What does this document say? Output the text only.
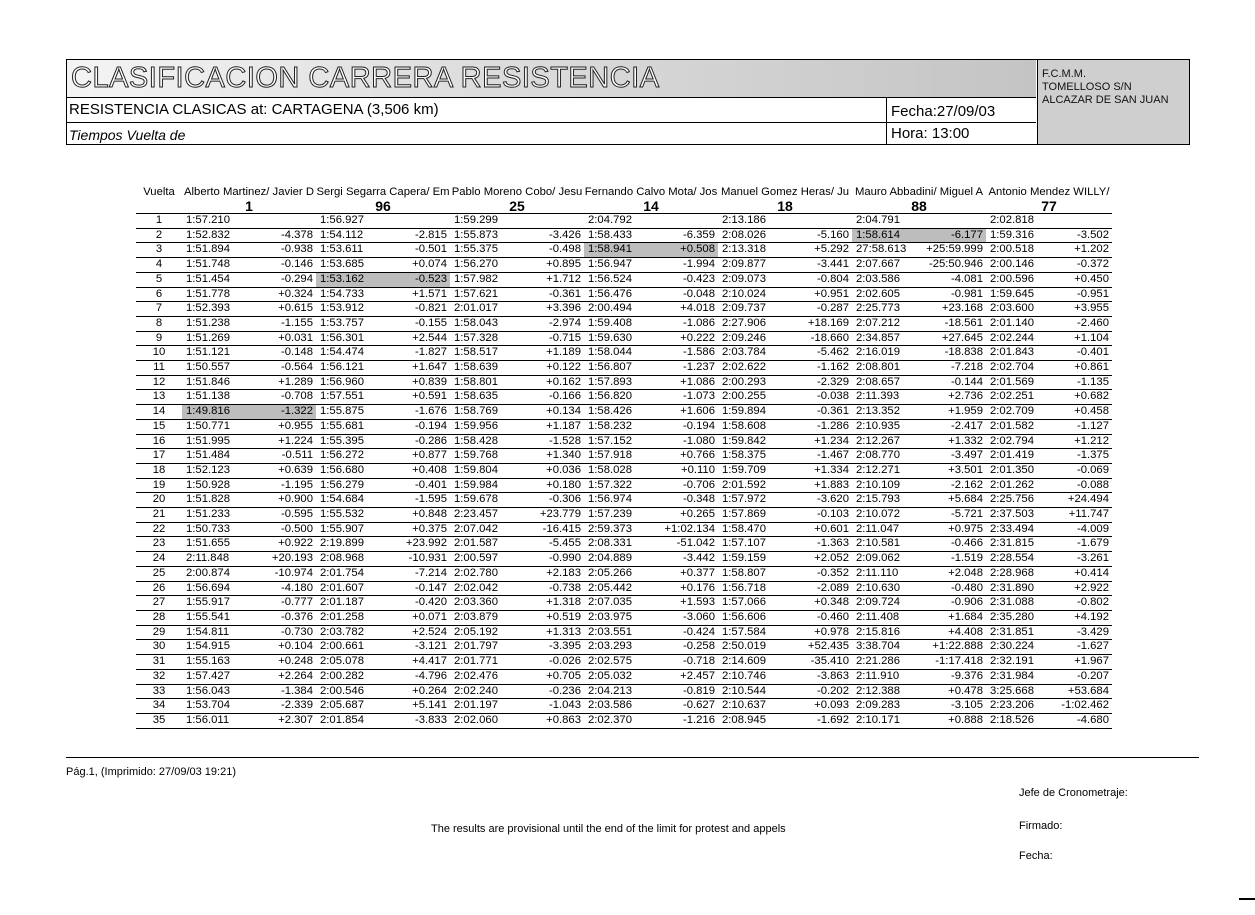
CLASIFICACION CARRERA RESISTENCIA	F.C.M.M.
TOMELLOSO S/N
ALCAZAR DE SAN JUAN
RESISTENCIA CLASICAS at: CARTAGENA (3,506 km)	Fecha:27/09/03
Hora: 13:00
Tiempos Vuelta de
Vuelta	Alberto Martinez/ Javier D		Sergi Segarra Capera/ Em		Pablo Moreno Cobo/ Jesu		Fernando Calvo Mota/ Jos		Manuel Gomez Heras/ Ju		Mauro Abbadini/ Miguel A		Antonio Mendez WILLY/	
	1		96		25		14		18		88		77	
1	1:57.210		1:56.927		1:59.299		2:04.792		2:13.186		2:04.791		2:02.818	
2	1:52.832	-4.378	1:54.112	-2.815	1:55.873	-3.426	1:58.433	-6.359	2:08.026	-5.160	1:58.614	-6.177	1:59.316	-3.502
3	1:51.894	-0.938	1:53.611	-0.501	1:55.375	-0.498	1:58.941	+0.508	2:13.318	+5.292	27:58.613	+25:59.999	2:00.518	+1.202
4	1:51.748	-0.146	1:53.685	+0.074	1:56.270	+0.895	1:56.947	-1.994	2:09.877	-3.441	2:07.667	-25:50.946	2:00.146	-0.372
5	1:51.454	-0.294	1:53.162	-0.523	1:57.982	+1.712	1:56.524	-0.423	2:09.073	-0.804	2:03.586	-4.081	2:00.596	+0.450
6	1:51.778	+0.324	1:54.733	+1.571	1:57.621	-0.361	1:56.476	-0.048	2:10.024	+0.951	2:02.605	-0.981	1:59.645	-0.951
7	1:52.393	+0.615	1:53.912	-0.821	2:01.017	+3.396	2:00.494	+4.018	2:09.737	-0.287	2:25.773	+23.168	2:03.600	+3.955
8	1:51.238	-1.155	1:53.757	-0.155	1:58.043	-2.974	1:59.408	-1.086	2:27.906	+18.169	2:07.212	-18.561	2:01.140	-2.460
9	1:51.269	+0.031	1:56.301	+2.544	1:57.328	-0.715	1:59.630	+0.222	2:09.246	-18.660	2:34.857	+27.645	2:02.244	+1.104
10	1:51.121	-0.148	1:54.474	-1.827	1:58.517	+1.189	1:58.044	-1.586	2:03.784	-5.462	2:16.019	-18.838	2:01.843	-0.401
11	1:50.557	-0.564	1:56.121	+1.647	1:58.639	+0.122	1:56.807	-1.237	2:02.622	-1.162	2:08.801	-7.218	2:02.704	+0.861
12	1:51.846	+1.289	1:56.960	+0.839	1:58.801	+0.162	1:57.893	+1.086	2:00.293	-2.329	2:08.657	-0.144	2:01.569	-1.135
13	1:51.138	-0.708	1:57.551	+0.591	1:58.635	-0.166	1:56.820	-1.073	2:00.255	-0.038	2:11.393	+2.736	2:02.251	+0.682
14	1:49.816	-1.322	1:55.875	-1.676	1:58.769	+0.134	1:58.426	+1.606	1:59.894	-0.361	2:13.352	+1.959	2:02.709	+0.458
15	1:50.771	+0.955	1:55.681	-0.194	1:59.956	+1.187	1:58.232	-0.194	1:58.608	-1.286	2:10.935	-2.417	2:01.582	-1.127
16	1:51.995	+1.224	1:55.395	-0.286	1:58.428	-1.528	1:57.152	-1.080	1:59.842	+1.234	2:12.267	+1.332	2:02.794	+1.212
17	1:51.484	-0.511	1:56.272	+0.877	1:59.768	+1.340	1:57.918	+0.766	1:58.375	-1.467	2:08.770	-3.497	2:01.419	-1.375
18	1:52.123	+0.639	1:56.680	+0.408	1:59.804	+0.036	1:58.028	+0.110	1:59.709	+1.334	2:12.271	+3.501	2:01.350	-0.069
19	1:50.928	-1.195	1:56.279	-0.401	1:59.984	+0.180	1:57.322	-0.706	2:01.592	+1.883	2:10.109	-2.162	2:01.262	-0.088
20	1:51.828	+0.900	1:54.684	-1.595	1:59.678	-0.306	1:56.974	-0.348	1:57.972	-3.620	2:15.793	+5.684	2:25.756	+24.494
21	1:51.233	-0.595	1:55.532	+0.848	2:23.457	+23.779	1:57.239	+0.265	1:57.869	-0.103	2:10.072	-5.721	2:37.503	+11.747
22	1:50.733	-0.500	1:55.907	+0.375	2:07.042	-16.415	2:59.373	+1:02.134	1:58.470	+0.601	2:11.047	+0.975	2:33.494	-4.009
23	1:51.655	+0.922	2:19.899	+23.992	2:01.587	-5.455	2:08.331	-51.042	1:57.107	-1.363	2:10.581	-0.466	2:31.815	-1.679
24	2:11.848	+20.193	2:08.968	-10.931	2:00.597	-0.990	2:04.889	-3.442	1:59.159	+2.052	2:09.062	-1.519	2:28.554	-3.261
25	2:00.874	-10.974	2:01.754	-7.214	2:02.780	+2.183	2:05.266	+0.377	1:58.807	-0.352	2:11.110	+2.048	2:28.968	+0.414
26	1:56.694	-4.180	2:01.607	-0.147	2:02.042	-0.738	2:05.442	+0.176	1:56.718	-2.089	2:10.630	-0.480	2:31.890	+2.922
27	1:55.917	-0.777	2:01.187	-0.420	2:03.360	+1.318	2:07.035	+1.593	1:57.066	+0.348	2:09.724	-0.906	2:31.088	-0.802
28	1:55.541	-0.376	2:01.258	+0.071	2:03.879	+0.519	2:03.975	-3.060	1:56.606	-0.460	2:11.408	+1.684	2:35.280	+4.192
29	1:54.811	-0.730	2:03.782	+2.524	2:05.192	+1.313	2:03.551	-0.424	1:57.584	+0.978	2:15.816	+4.408	2:31.851	-3.429
30	1:54.915	+0.104	2:00.661	-3.121	2:01.797	-3.395	2:03.293	-0.258	2:50.019	+52.435	3:38.704	+1:22.888	2:30.224	-1.627
31	1:55.163	+0.248	2:05.078	+4.417	2:01.771	-0.026	2:02.575	-0.718	2:14.609	-35.410	2:21.286	-1:17.418	2:32.191	+1.967
32	1:57.427	+2.264	2:00.282	-4.796	2:02.476	+0.705	2:05.032	+2.457	2:10.746	-3.863	2:11.910	-9.376	2:31.984	-0.207
33	1:56.043	-1.384	2:00.546	+0.264	2:02.240	-0.236	2:04.213	-0.819	2:10.544	-0.202	2:12.388	+0.478	3:25.668	+53.684
34	1:53.704	-2.339	2:05.687	+5.141	2:01.197	-1.043	2:03.586	-0.627	2:10.637	+0.093	2:09.283	-3.105	2:23.206	-1:02.462
35	1:56.011	+2.307	2:01.854	-3.833	2:02.060	+0.863	2:02.370	-1.216	2:08.945	-1.692	2:10.171	+0.888	2:18.526	-4.680
Pág.1, (Imprimido: 27/09/03 19:21)
The results are provisional until the end of the limit for protest and appels
Jefe de Cronometraje:
Firmado:
Fecha:
